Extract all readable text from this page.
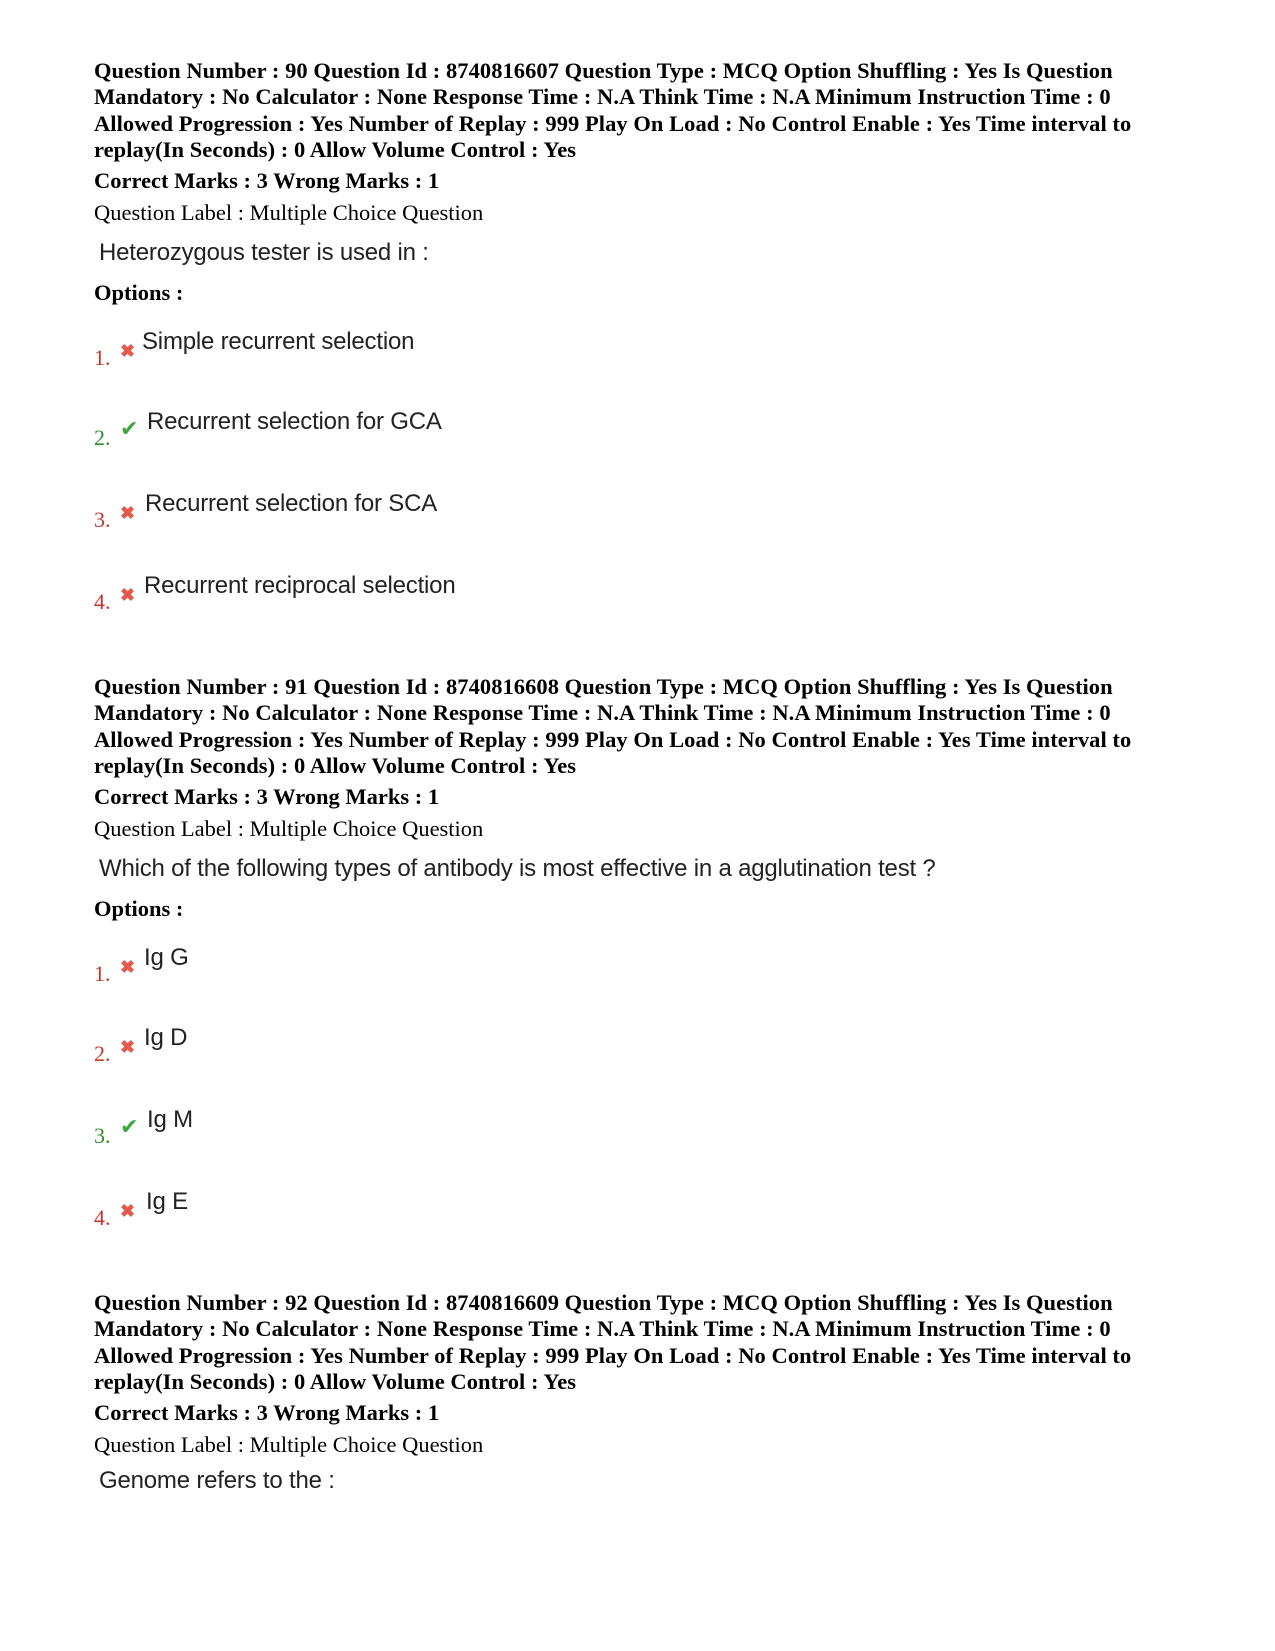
Question Number : 90 Question Id : 8740816607 Question Type : MCQ Option Shuffling : Yes Is Question
Mandatory : No Calculator : None Response Time : N.A Think Time : N.A Minimum Instruction Time : 0
Allowed Progression : Yes Number of Replay : 999 Play On Load : No Control Enable : Yes Time interval to
replay(In Seconds) : 0 Allow Volume Control : Yes
Correct Marks : 3 Wrong Marks : 1
Question Label : Multiple Choice Question
Heterozygous tester is used in :
Options :
1. ✖ Simple recurrent selection
2. ✔ Recurrent selection for GCA
3. ✖ Recurrent selection for SCA
4. ✖ Recurrent reciprocal selection
Question Number : 91 Question Id : 8740816608 Question Type : MCQ Option Shuffling : Yes Is Question
Mandatory : No Calculator : None Response Time : N.A Think Time : N.A Minimum Instruction Time : 0
Allowed Progression : Yes Number of Replay : 999 Play On Load : No Control Enable : Yes Time interval to
replay(In Seconds) : 0 Allow Volume Control : Yes
Correct Marks : 3 Wrong Marks : 1
Question Label : Multiple Choice Question
Which of the following types of antibody is most effective in a agglutination test ?
Options :
1. ✖ Ig G
2. ✖ Ig D
3. ✔ Ig M
4. ✖ Ig E
Question Number : 92 Question Id : 8740816609 Question Type : MCQ Option Shuffling : Yes Is Question
Mandatory : No Calculator : None Response Time : N.A Think Time : N.A Minimum Instruction Time : 0
Allowed Progression : Yes Number of Replay : 999 Play On Load : No Control Enable : Yes Time interval to
replay(In Seconds) : 0 Allow Volume Control : Yes
Correct Marks : 3 Wrong Marks : 1
Question Label : Multiple Choice Question
Genome refers to the :
